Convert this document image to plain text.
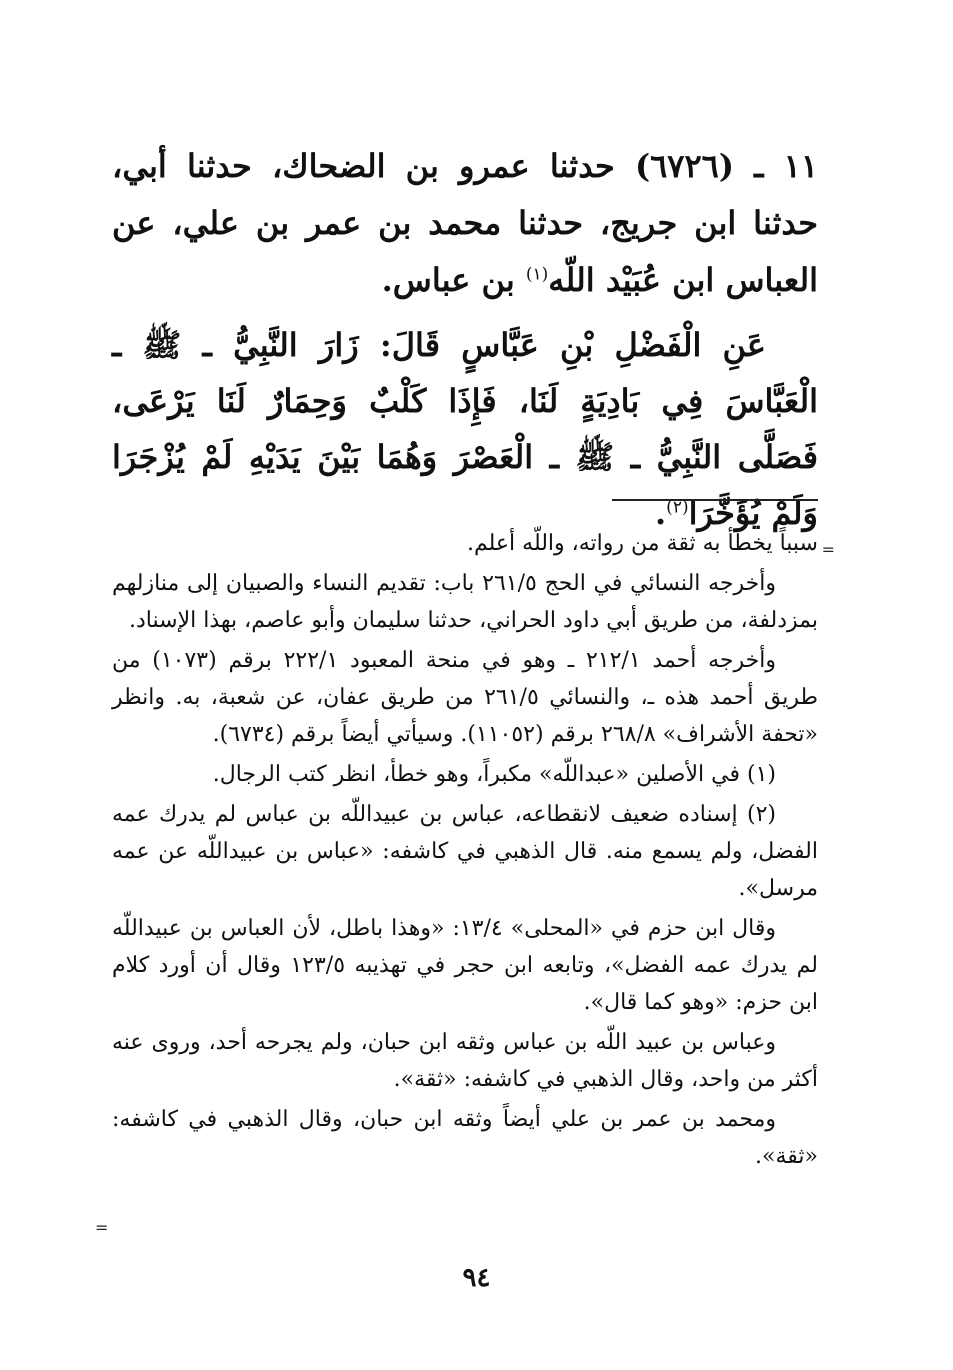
١١ ـ (٦٧٢٦) حدثنا عمرو بن الضحاك، حدثنا أبي، حدثنا ابن جريج، حدثنا محمد بن عمر بن علي، عن العباس ابن عُبَيْد اللّه$^{(١)}$ بن عباس.

عَنِ الْفَضْلِ بْنِ عَبَّاسٍ قَالَ: زَارَ النَّبِيُّ ـ ﷺ ـ الْعَبَّاسَ فِي بَادِيَةٍ لَنَا، فَإِذَا كَلْبٌ وَحِمَارٌ لَنَا يَرْعَى، فَصَلَّى النَّبِيُّ ـ ﷺ ـ الْعَصْرَ وَهُمَا بَيْنَ يَدَيْهِ لَمْ يُزْجَرَا وَلَمْ يُؤَخَّرَا$^{(٢)}$.

=

سبباً يخطأ به ثقة من رواته، واللّه أعلم.

وأخرجه النسائي في الحج ٢٦١/٥ باب: تقديم النساء والصبيان إلى منازلهم بمزدلفة، من طريق أبي داود الحراني، حدثنا سليمان وأبو عاصم، بهذا الإسناد.

وأخرجه أحمد ٢١٢/١ ـ وهو في منحة المعبود ٢٢٢/١ برقم (١٠٧٣) من طريق أحمد هذه ـ، والنسائي ٢٦١/٥ من طريق عفان، عن شعبة، به. وانظر «تحفة الأشراف» ٢٦٨/٨ برقم (١١٠٥٢). وسيأتي أيضاً برقم (٦٧٣٤).

(١) في الأصلين «عبداللّه» مكبراً، وهو خطأ، انظر كتب الرجال.

(٢) إسناده ضعيف لانقطاعه، عباس بن عبيداللّه بن عباس لم يدرك عمه الفضل، ولم يسمع منه. قال الذهبي في كاشفه: «عباس بن عبيداللّه عن عمه مرسل».

وقال ابن حزم في «المحلى» ١٣/٤: «وهذا باطل، لأن العباس بن عبيداللّه لم يدرك عمه الفضل»، وتابعه ابن حجر في تهذيبه ١٢٣/٥ وقال أن أورد كلام ابن حزم: «وهو كما قال».

وعباس بن عبيد اللّه بن عباس وثقه ابن حبان، ولم يجرحه أحد، وروى عنه أكثر من واحد، وقال الذهبي في كاشفه: «ثقة».

ومحمد بن عمر بن علي أيضاً وثقه ابن حبان، وقال الذهبي في كاشفه: «ثقة».

=
٩٤
